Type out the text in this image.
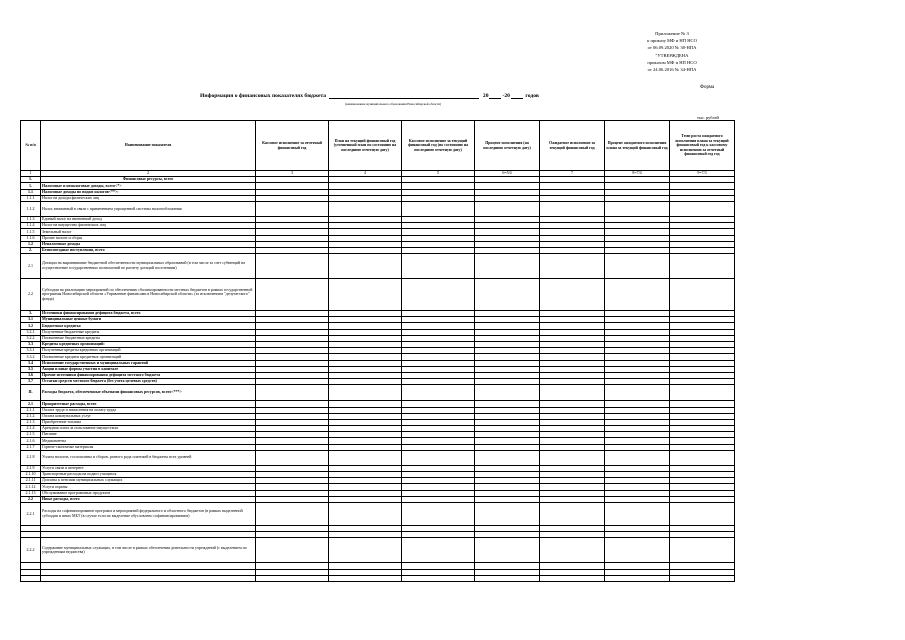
Приложение № 3
к приказу МФ и НП НСО
от 06.09.2020 № 38-НПА
"УТВЕРЖДЕНА
приказом МФ и НП НСО
от 24.06.2016 № 34-НПА
Форма
Информация о финансовых показателях бюджета	20	-20	годов
(наименование муниципального образования Новосибирской области)
тыс. рублей
№ п/п	Наименование показателя	Кассовое исполнение за отчетный финансовый год	План на текущий финансовый год (уточненный план по состоянию на последнюю отчетную дату)	Кассовое исполнение за текущий финансовый год (по состоянию на последнюю отчетную дату)	Процент исполнения (на последнюю отчетную дату)	Ожидаемое исполнение за текущий финансовый год	Процент ожидаемого исполнения плана за текущий финансовый год	Темп роста ожидаемого исполнения плана за текущий финансовый год к кассовому исполнению за отчетный финансовый год год
1	2	3	4	5	6=5/4	7	8=7/4	9=7/3
I.	Финансовые ресурсы, всего							
1.	Налоговые и неналоговые доходы, всего<*>							
1.1	Налоговые доходы по видам налогов<**>:							
1.1.1	Налог на доходы физических лиц							
1.1.2	Налог, взимаемый в связи с применением упрощенной системы налогообложения							
1.1.3	Единый налог на вмененный доход							
1.1.4	Налог на имущество физических лиц							
1.1.5	Земельный налог							
1.1.6	Прочие налоги и сборы							
1.2	Неналоговые доходы							
2.	Безвозмездные поступления, всего							
2.1	Дотации на выравнивание бюджетной обеспеченности муниципальных образований (в том числе за счет субвенций на осуществление государственных полномочий по расчету дотаций поселениям)							
2.2	Субсидии на реализацию мероприятий по обеспечению сбалансированности местных бюджетов в рамках государственной программы Новосибирской области «Управление финансами в Новосибирской области» (за исключением "депутатского" фонда)							
3.	Источники финансирования дефицита бюджета, всего							
3.1	Муниципальные ценные бумаги							
3.2	Бюджетные кредиты:							
3.2.1	Полученные бюджетные кредиты							
3.2.2	Погашенные бюджетные кредиты							
3.3	Кредиты кредитных организаций:							
3.3.1	Полученные кредиты кредитных организаций							
3.3.2	Погашенные кредиты кредитных организаций							
3.4	Исполнение государственных и муниципальных гарантий							
3.5	Акции и иные формы участия в капитале							
3.6	Прочие источники финансирования дефицита местного бюджета							
3.7	Остатки средств местного бюджета (без учета целевых средств)							
II.	Расходы бюджета, обеспеченные объемами финансовых ресурсов, всего<***>							
2.1	Приоритетные расходы, всего							
2.1.1	Оплата труда и начисления на оплату труда							
2.1.2	Оплата коммунальных услуг							
2.1.3	Приобретение топлива							
2.1.4	Арендная плата за пользование имуществом							
2.1.5	Питание							
2.1.6	Медикаменты							
2.1.7	Горюче-смазочные материалы							
2.1.8	Уплата налогов, госпошлины и сборов, разного рода платежей в бюджеты всех уровней							
2.1.9	Услуги связи и интернет							
2.1.10	Транспортные расходы на подвоз учащихся							
2.1.11	Доплаты к пенсиям муниципальных служащих							
2.1.12	Услуги охраны							
2.1.13	Обслуживание программных продуктов							
2.2	Иные расходы, всего							
2.2.1	Расходы на софинансирование программ и мероприятий федерального и областного бюджетов (в рамках выделенной субсидии и иных МБТ (в случае если их выделение обусловлено софинансированием)							

2.2.2	Содержание муниципальных служащих, в том числе в рамках обеспечения деятельности учреждений (с выделением по учреждениям ведомства)							
